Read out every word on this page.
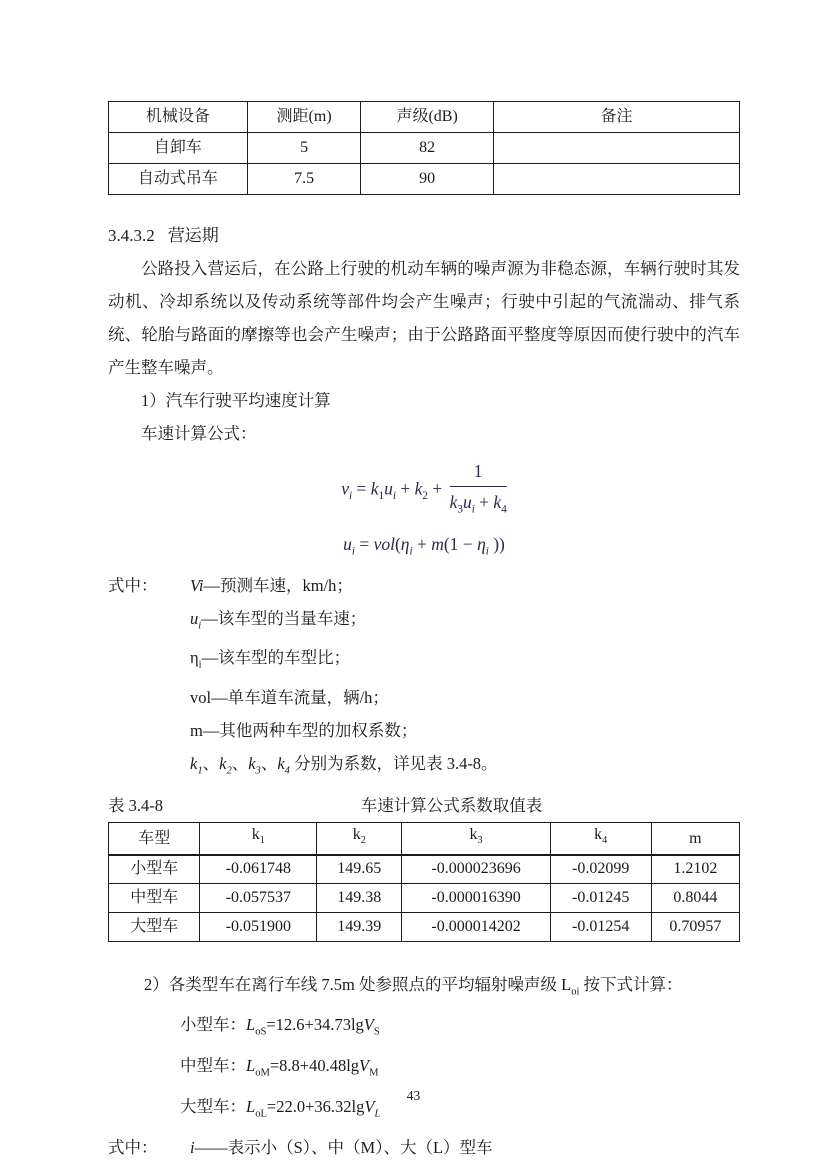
机械设备	测距(m)	声级(dB)	备注
自卸车	5	82	
自动式吊车	7.5	90	
3.4.3.2 营运期
公路投入营运后，在公路上行驶的机动车辆的噪声源为非稳态源，车辆行驶时其发动机、冷却系统以及传动系统等部件均会产生噪声；行驶中引起的气流湍动、排气系统、轮胎与路面的摩擦等也会产生噪声；由于公路路面平整度等原因而使行驶中的汽车产生整车噪声。
1）汽车行驶平均速度计算
车速计算公式：
$v_i = k_1u_i + k_2 + \frac{1}{k_3u_i + k_4}$
$u_i = vol(\eta_i + m(1 - \eta_i$ ))
式中： Vi—预测车速，km/h；
$u_i—$该车型的当量车速；
$\eta_i—$该车型的车型比；
vol—单车道车流量，辆/h；
m—其他两种车型的加权系数；
$k_1$、$k_2$、$k_3$、$k_4$ 分别为系数，详见表 3.4-8。
表 3.4-8	车速计算公式系数取值表
车型	$k_1$	$k_2$	$k_3$	$k_4$	m
小型车	-0.061748	149.65	-0.000023696	-0.02099	1.2102
中型车	-0.057537	149.38	-0.000016390	-0.01245	0.8044
大型车	-0.051900	149.39	-0.000014202	-0.01254	0.70957
2）各类型车在离行车线 7.5m 处参照点的平均辐射噪声级 $L_{oi}$ 按下式计算：
小型车：$L_{oS}=12.6+34.73\lg V_S$
中型车：$L_{oM}=8.8+40.48\lg V_M$
大型车：$L_{oL}=22.0+36.32\lg V_L$
式中： i——表示小（S）、中（M）、大（L）型车
43
